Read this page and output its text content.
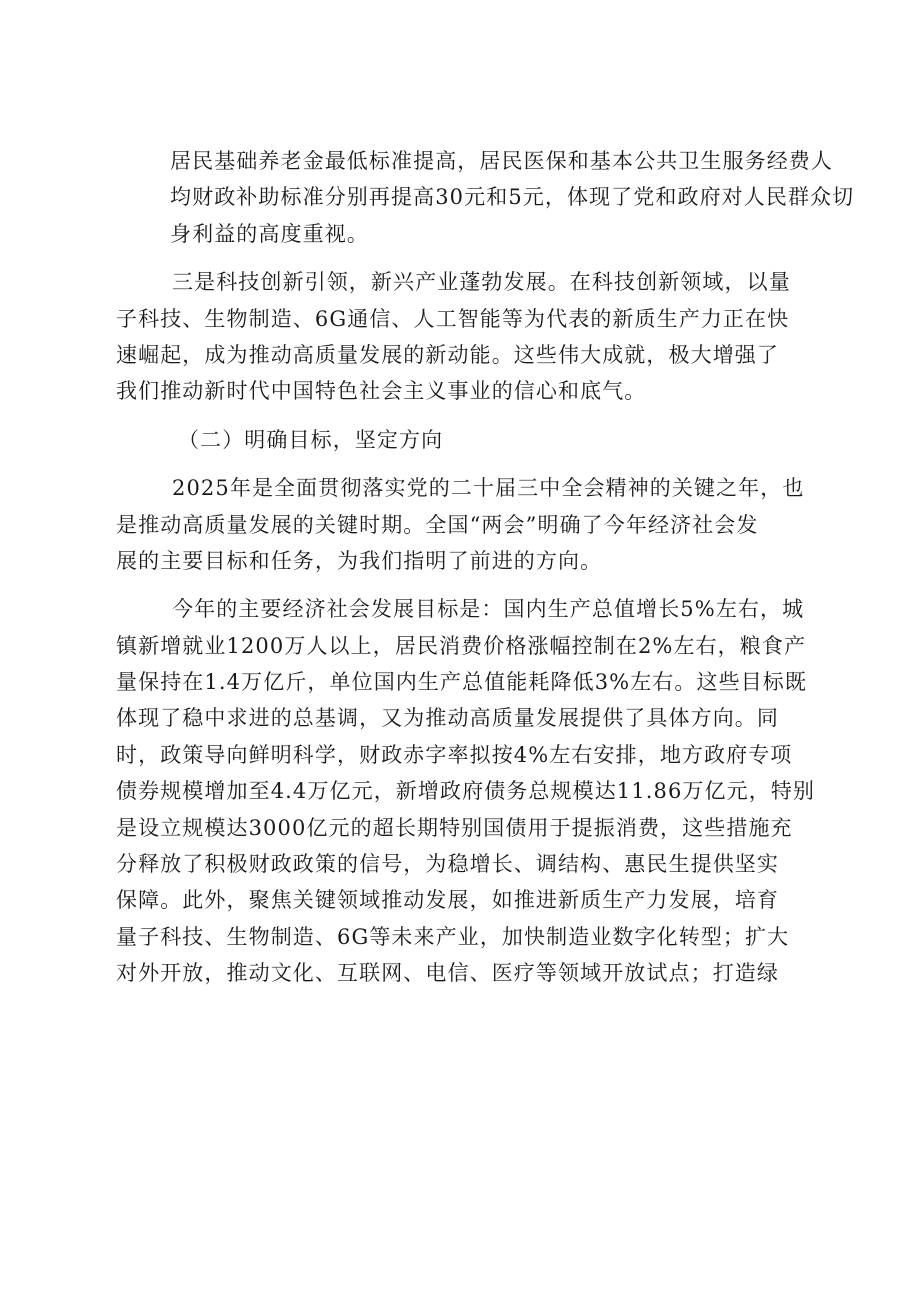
居民基础养老金最低标准提高，居民医保和基本公共卫生服务经费人
均财政补助标准分别再提高30元和5元，体现了党和政府对人民群众切
身利益的高度重视。
三是科技创新引领，新兴产业蓬勃发展。在科技创新领域，以量
子科技、生物制造、6G通信、人工智能等为代表的新质生产力正在快
速崛起，成为推动高质量发展的新动能。这些伟大成就，极大增强了
我们推动新时代中国特色社会主义事业的信心和底气。
（二）明确目标，坚定方向
2025年是全面贯彻落实党的二十届三中全会精神的关键之年，也
是推动高质量发展的关键时期。全国“两会”明确了今年经济社会发
展的主要目标和任务，为我们指明了前进的方向。
今年的主要经济社会发展目标是：国内生产总值增长5%左右，城
镇新增就业1200万人以上，居民消费价格涨幅控制在2%左右，粮食产
量保持在1.4万亿斤，单位国内生产总值能耗降低3%左右。这些目标既
体现了稳中求进的总基调，又为推动高质量发展提供了具体方向。同
时，政策导向鲜明科学，财政赤字率拟按4%左右安排，地方政府专项
债券规模增加至4.4万亿元，新增政府债务总规模达11.86万亿元，特别
是设立规模达3000亿元的超长期特别国债用于提振消费，这些措施充
分释放了积极财政政策的信号，为稳增长、调结构、惠民生提供坚实
保障。此外，聚焦关键领域推动发展，如推进新质生产力发展，培育
量子科技、生物制造、6G等未来产业，加快制造业数字化转型；扩大
对外开放，推动文化、互联网、电信、医疗等领域开放试点；打造绿
